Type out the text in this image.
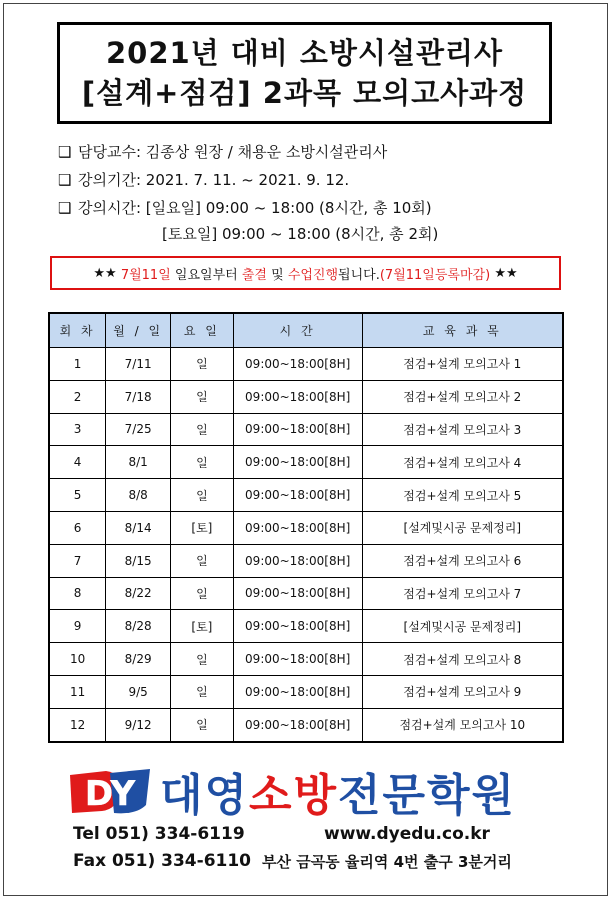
2021년 대비 소방시설관리사
[설계+점검] 2과목 모의고사과정
❑ 담당교수: 김종상 원장 / 채용운 소방시설관리사
❑ 강의기간: 2021. 7. 11. ~ 2021. 9. 12.
❑ 강의시간: [일요일] 09:00 ~ 18:00 (8시간, 총 10회)
[토요일] 09:00 ~ 18:00 (8시간, 총 2회)
★★
7월11일
일요일부터
출결
및
수업진행 됩니다. (7월11일등록마감)
★★
회 차	월 / 일	요 일	시 간	교 육 과 목
1	7/11	일	09:00~18:00[8H]	점검+설계 모의고사 1
2	7/18	일	09:00~18:00[8H]	점검+설계 모의고사 2
3	7/25	일	09:00~18:00[8H]	점검+설계 모의고사 3
4	8/1	일	09:00~18:00[8H]	점검+설계 모의고사 4
5	8/8	일	09:00~18:00[8H]	점검+설계 모의고사 5
6	8/14	[토]	09:00~18:00[8H]	[설계및시공 문제정리]
7	8/15	일	09:00~18:00[8H]	점검+설계 모의고사 6
8	8/22	일	09:00~18:00[8H]	점검+설계 모의고사 7
9	8/28	[토]	09:00~18:00[8H]	[설계및시공 문제정리]
10	8/29	일	09:00~18:00[8H]	점검+설계 모의고사 8
11	9/5	일	09:00~18:00[8H]	점검+설계 모의고사 9
12	9/12	일	09:00~18:00[8H]	점검+설계 모의고사 10
DY 대영소방전문학원
Tel 051) 334-6119	www.dyedu.co.kr
Fax 051) 334-6110 부산 금곡동 율리역 4번 출구 3분거리
